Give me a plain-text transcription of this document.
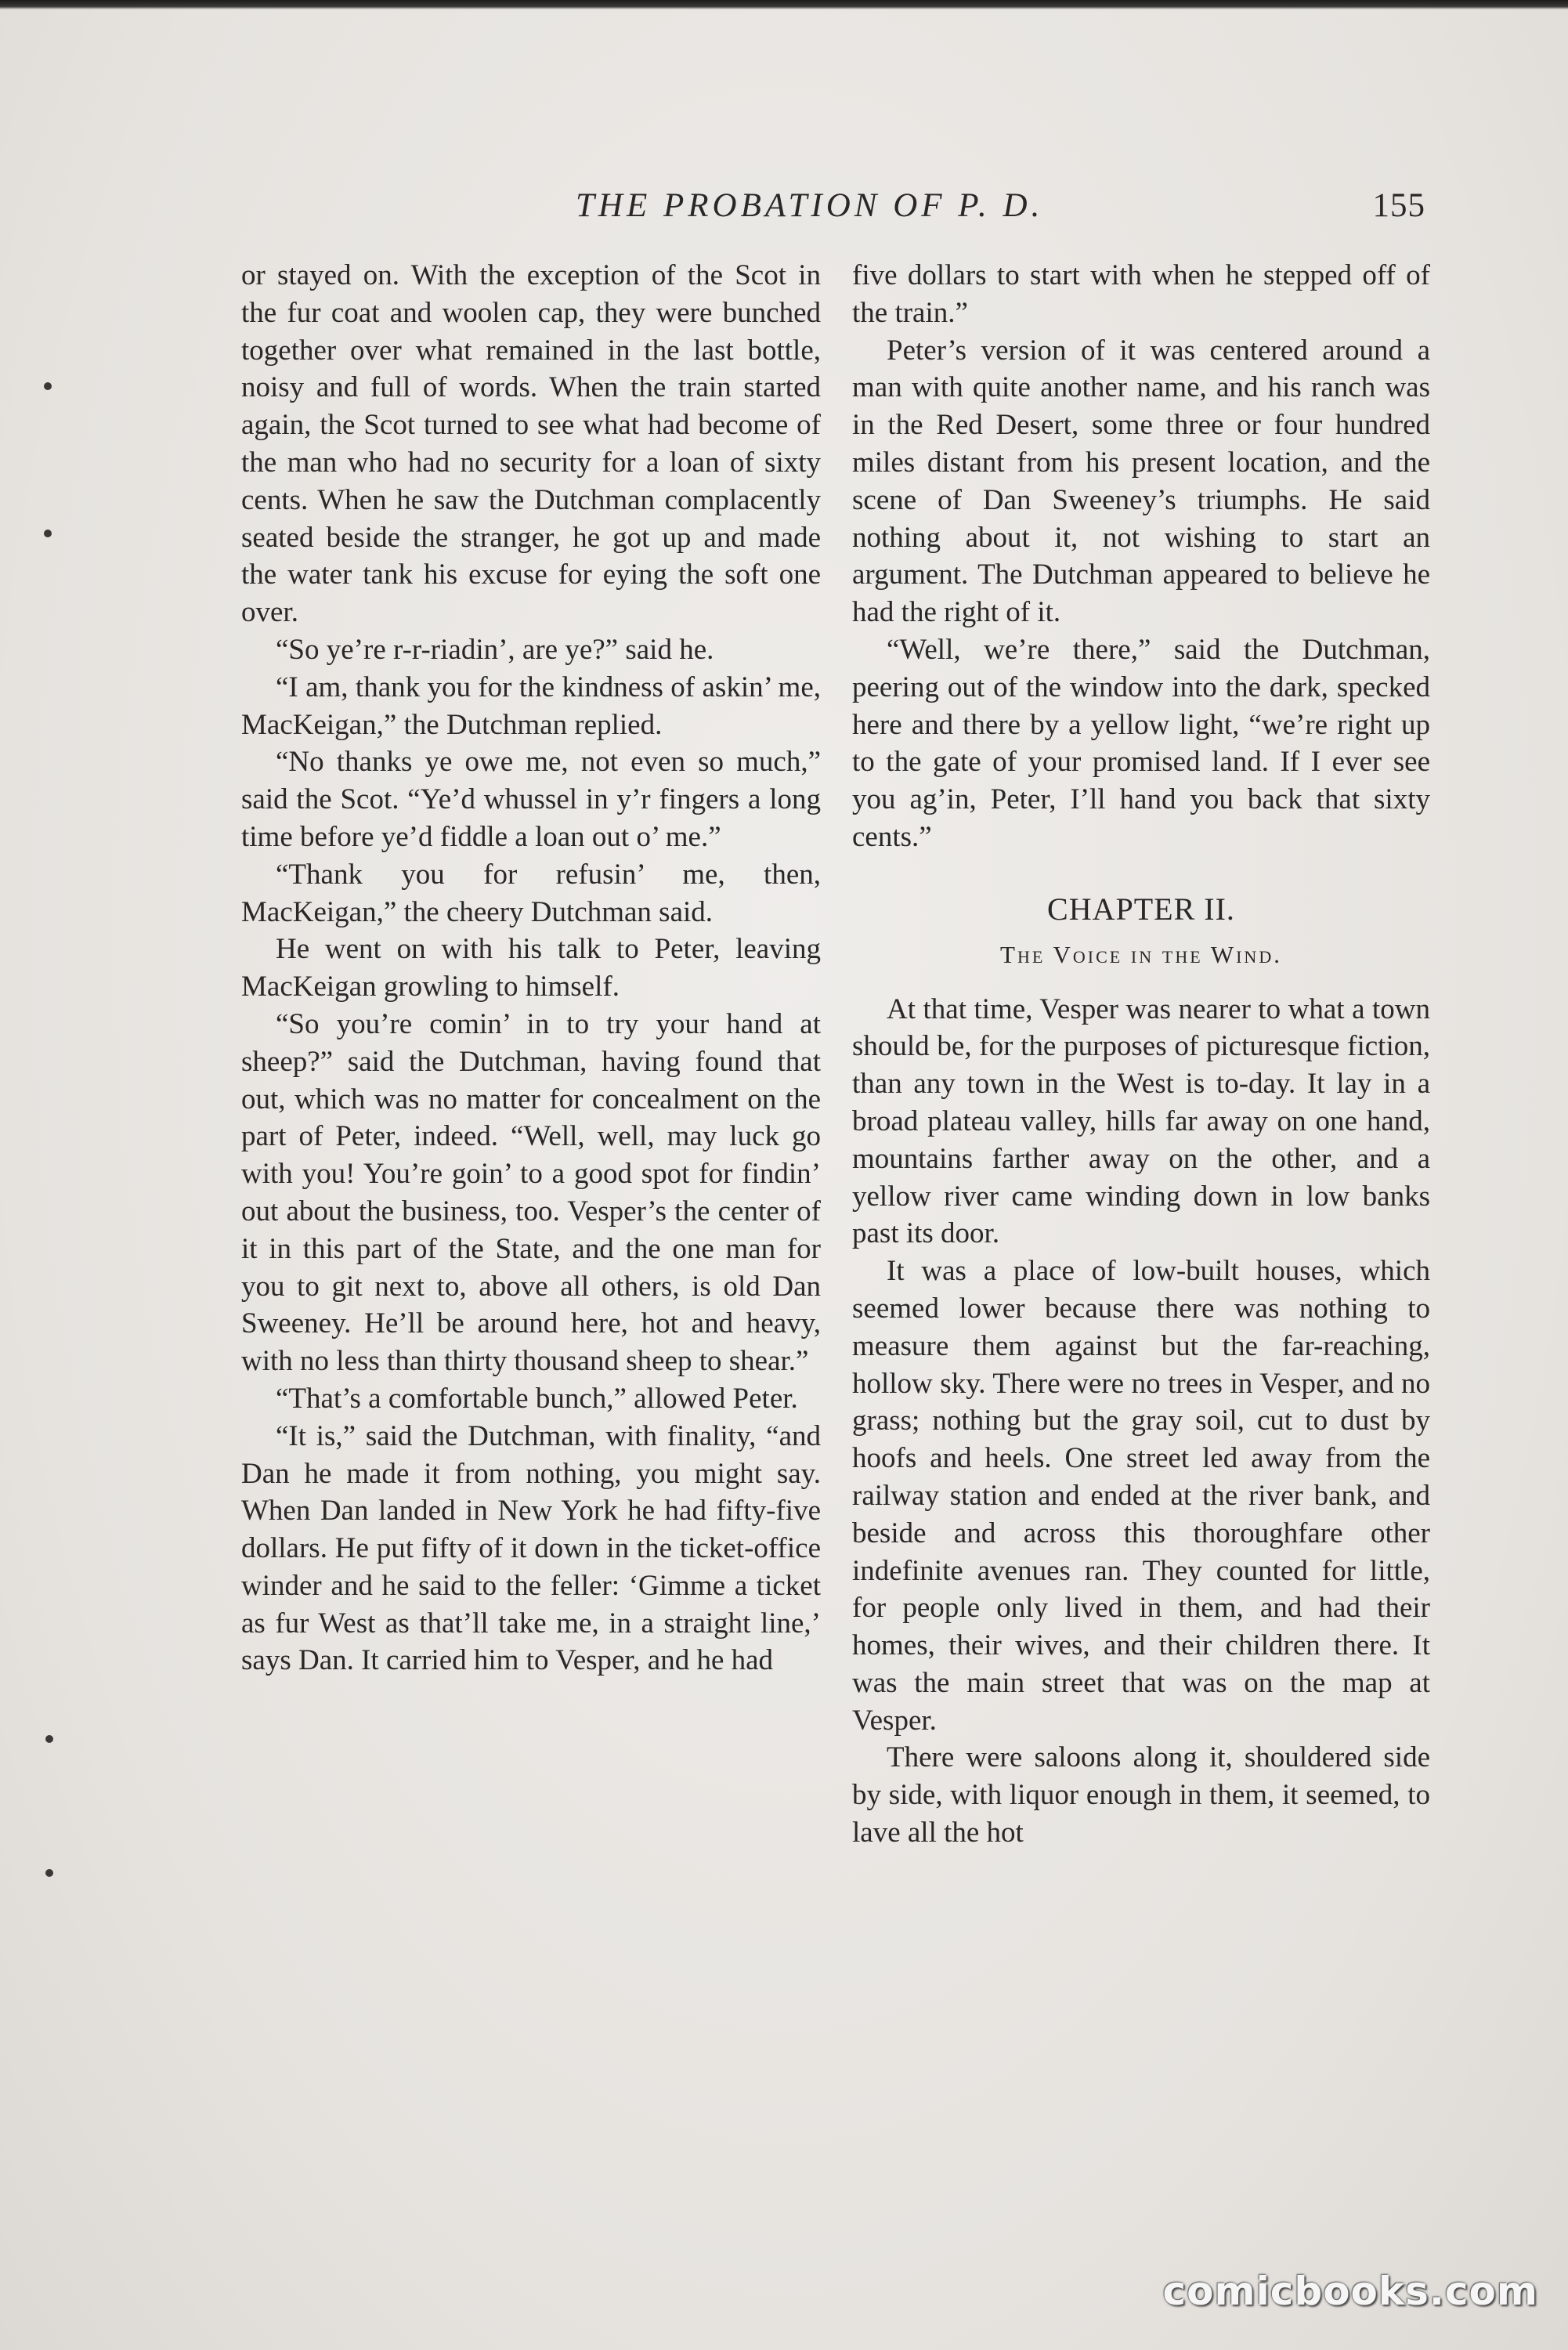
THE PROBATION OF P. D.	155

or stayed on. With the exception of the Scot in the fur coat and woolen cap, they were bunched together over what remained in the last bottle, noisy and full of words. When the train started again, the Scot turned to see what had become of the man who had no security for a loan of sixty cents. When he saw the Dutchman complacently seated beside the stranger, he got up and made the water tank his excuse for eying the soft one over.

“So ye’re r-r-riadin’, are ye?” said he.

“I am, thank you for the kindness of askin’ me, MacKeigan,” the Dutchman replied.

“No thanks ye owe me, not even so much,” said the Scot. “Ye’d whussel in y’r fingers a long time before ye’d fiddle a loan out o’ me.”

“Thank you for refusin’ me, then, MacKeigan,” the cheery Dutchman said.

He went on with his talk to Peter, leaving MacKeigan growling to himself.

“So you’re comin’ in to try your hand at sheep?” said the Dutchman, having found that out, which was no matter for concealment on the part of Peter, indeed. “Well, well, may luck go with you! You’re goin’ to a good spot for findin’ out about the business, too. Vesper’s the center of it in this part of the State, and the one man for you to git next to, above all others, is old Dan Sweeney. He’ll be around here, hot and heavy, with no less than thirty thousand sheep to shear.”

“That’s a comfortable bunch,” allowed Peter.

“It is,” said the Dutchman, with finality, “and Dan he made it from nothing, you might say. When Dan landed in New York he had fifty-five dollars. He put fifty of it down in the ticket-office winder and he said to the feller: ‘Gimme a ticket as fur West as that’ll take me, in a straight line,’ says Dan. It carried him to Vesper, and he had

five dollars to start with when he stepped off of the train.”

Peter’s version of it was centered around a man with quite another name, and his ranch was in the Red Desert, some three or four hundred miles distant from his present location, and the scene of Dan Sweeney’s triumphs. He said nothing about it, not wishing to start an argument. The Dutchman appeared to believe he had the right of it.

“Well, we’re there,” said the Dutchman, peering out of the window into the dark, specked here and there by a yellow light, “we’re right up to the gate of your promised land. If I ever see you ag’in, Peter, I’ll hand you back that sixty cents.”

CHAPTER II.
The Voice in the Wind.

At that time, Vesper was nearer to what a town should be, for the purposes of picturesque fiction, than any town in the West is to-day. It lay in a broad plateau valley, hills far away on one hand, mountains farther away on the other, and a yellow river came winding down in low banks past its door.

It was a place of low-built houses, which seemed lower because there was nothing to measure them against but the far-reaching, hollow sky. There were no trees in Vesper, and no grass; nothing but the gray soil, cut to dust by hoofs and heels. One street led away from the railway station and ended at the river bank, and beside and across this thoroughfare other indefinite avenues ran. They counted for little, for people only lived in them, and had their homes, their wives, and their children there. It was the main street that was on the map at Vesper.

There were saloons along it, shouldered side by side, with liquor enough in them, it seemed, to lave all the hot

comicbooks.com
